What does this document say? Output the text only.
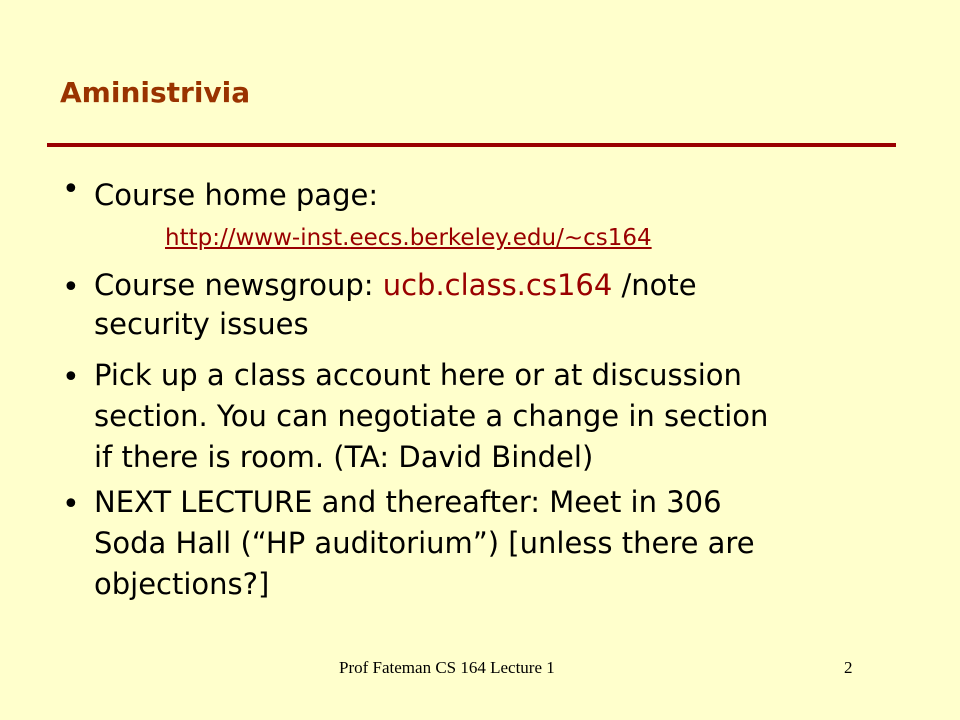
Aministrivia
• Course home page:
http://www-inst.eecs.berkeley.edu/~cs164
• Course newsgroup: ucb.class.cs164 /note
security issues
• Pick up a class account here or at discussion
section. You can negotiate a change in section
if there is room. (TA: David Bindel)
• NEXT LECTURE and thereafter: Meet in 306
Soda Hall (“HP auditorium”) [unless there are
objections?]
Prof Fateman CS 164 Lecture 1	2
